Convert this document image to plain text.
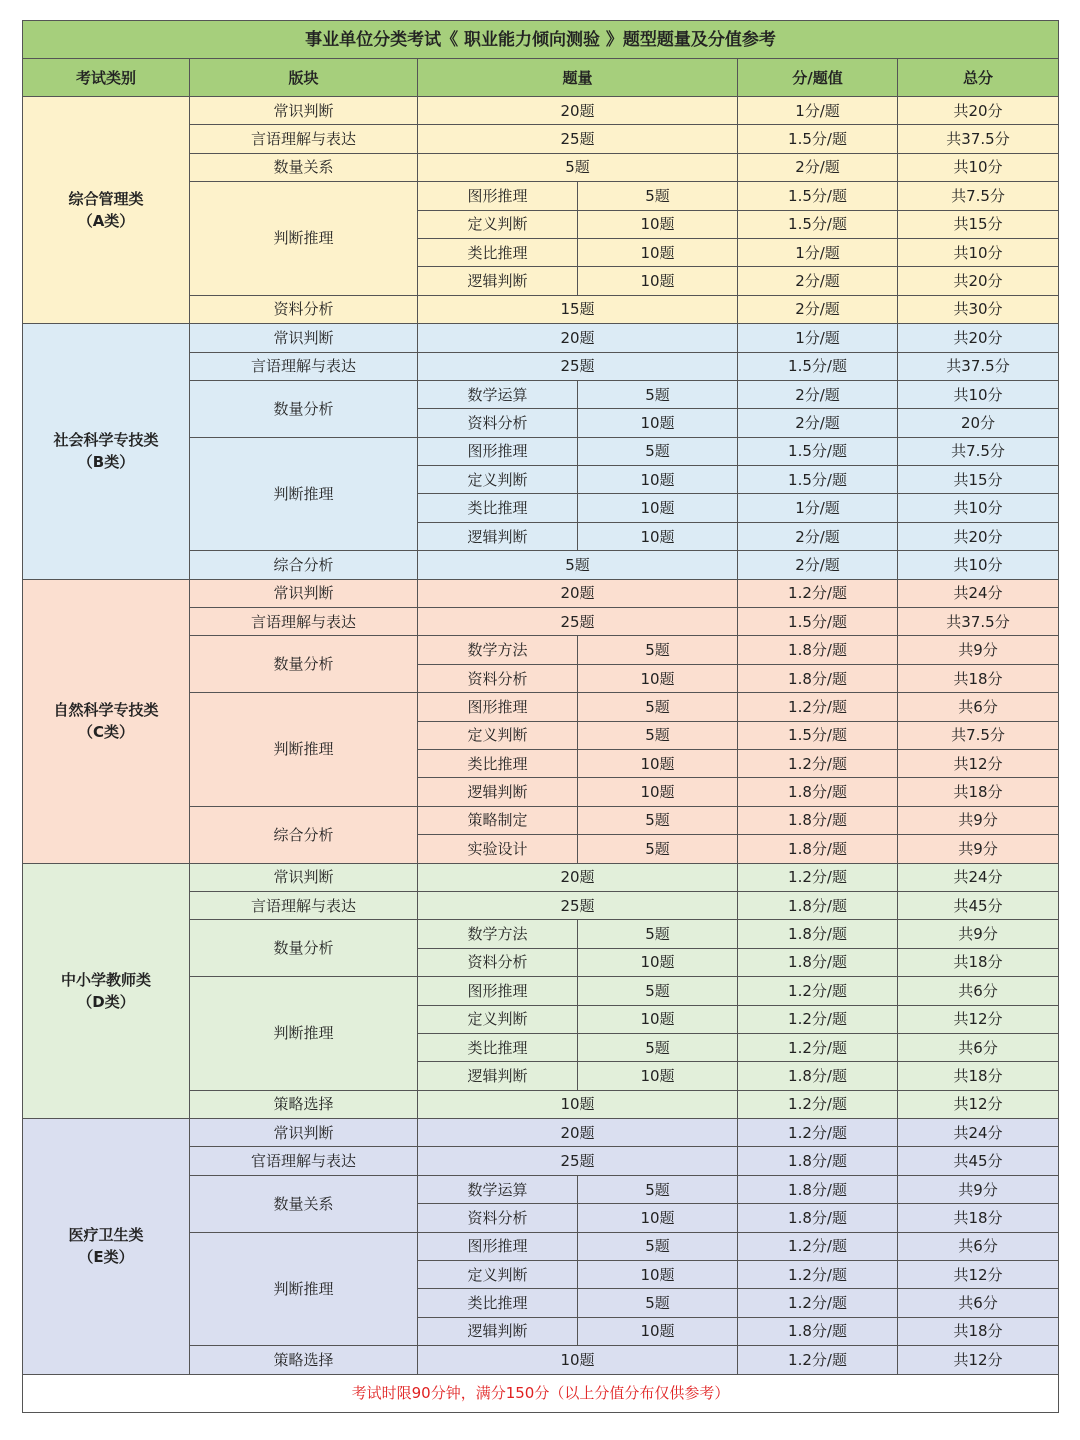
事业单位分类考试《 职业能力倾向测验 》题型题量及分值参考					
考试类别	版块	题量		分/题值	总分

综合管理类
（A类）	常识判断	20题		1分/题	共20分
	言语理解与表达	25题		1.5分/题	共37.5分
	数量关系	5题		2分/题	共10分
	判断推理	图形推理	5题	1.5分/题	共7.5分
		定义判断	10题	1.5分/题	共15分
		类比推理	10题	1分/题	共10分
		逻辑判断	10题	2分/题	共20分
	资料分析	15题		2分/题	共30分

社会科学专技类
（B类）	常识判断	20题		1分/题	共20分
	言语理解与表达	25题		1.5分/题	共37.5分
	数量分析	数学运算	5题	2分/题	共10分
		资料分析	10题	2分/题	20分
	判断推理	图形推理	5题	1.5分/题	共7.5分
		定义判断	10题	1.5分/题	共15分
		类比推理	10题	1分/题	共10分
		逻辑判断	10题	2分/题	共20分
	综合分析	5题		2分/题	共10分

自然科学专技类
（C类）	常识判断	20题		1.2分/题	共24分
	言语理解与表达	25题		1.5分/题	共37.5分
	数量分析	数学方法	5题	1.8分/题	共9分
		资料分析	10题	1.8分/题	共18分
	判断推理	图形推理	5题	1.2分/题	共6分
		定义判断	5题	1.5分/题	共7.5分
		类比推理	10题	1.2分/题	共12分
		逻辑判断	10题	1.8分/题	共18分
	综合分析	策略制定	5题	1.8分/题	共9分
		实验设计	5题	1.8分/题	共9分

中小学教师类
（D类）	常识判断	20题		1.2分/题	共24分
	言语理解与表达	25题		1.8分/题	共45分
	数量分析	数学方法	5题	1.8分/题	共9分
		资料分析	10题	1.8分/题	共18分
	判断推理	图形推理	5题	1.2分/题	共6分
		定义判断	10题	1.2分/题	共12分
		类比推理	5题	1.2分/题	共6分
		逻辑判断	10题	1.8分/题	共18分
	策略选择	10题		1.2分/题	共12分

医疗卫生类
（E类）	常识判断	20题		1.2分/题	共24分
	官语理解与表达	25题		1.8分/题	共45分
	数量关系	数学运算	5题	1.8分/题	共9分
		资料分析	10题	1.8分/题	共18分
	判断推理	图形推理	5题	1.2分/题	共6分
		定义判断	10题	1.2分/题	共12分
		类比推理	5题	1.2分/题	共6分
		逻辑判断	10题	1.8分/题	共18分
	策略选择	10题		1.2分/题	共12分
考试时限90分钟，满分150分（以上分值分布仅供参考）					
